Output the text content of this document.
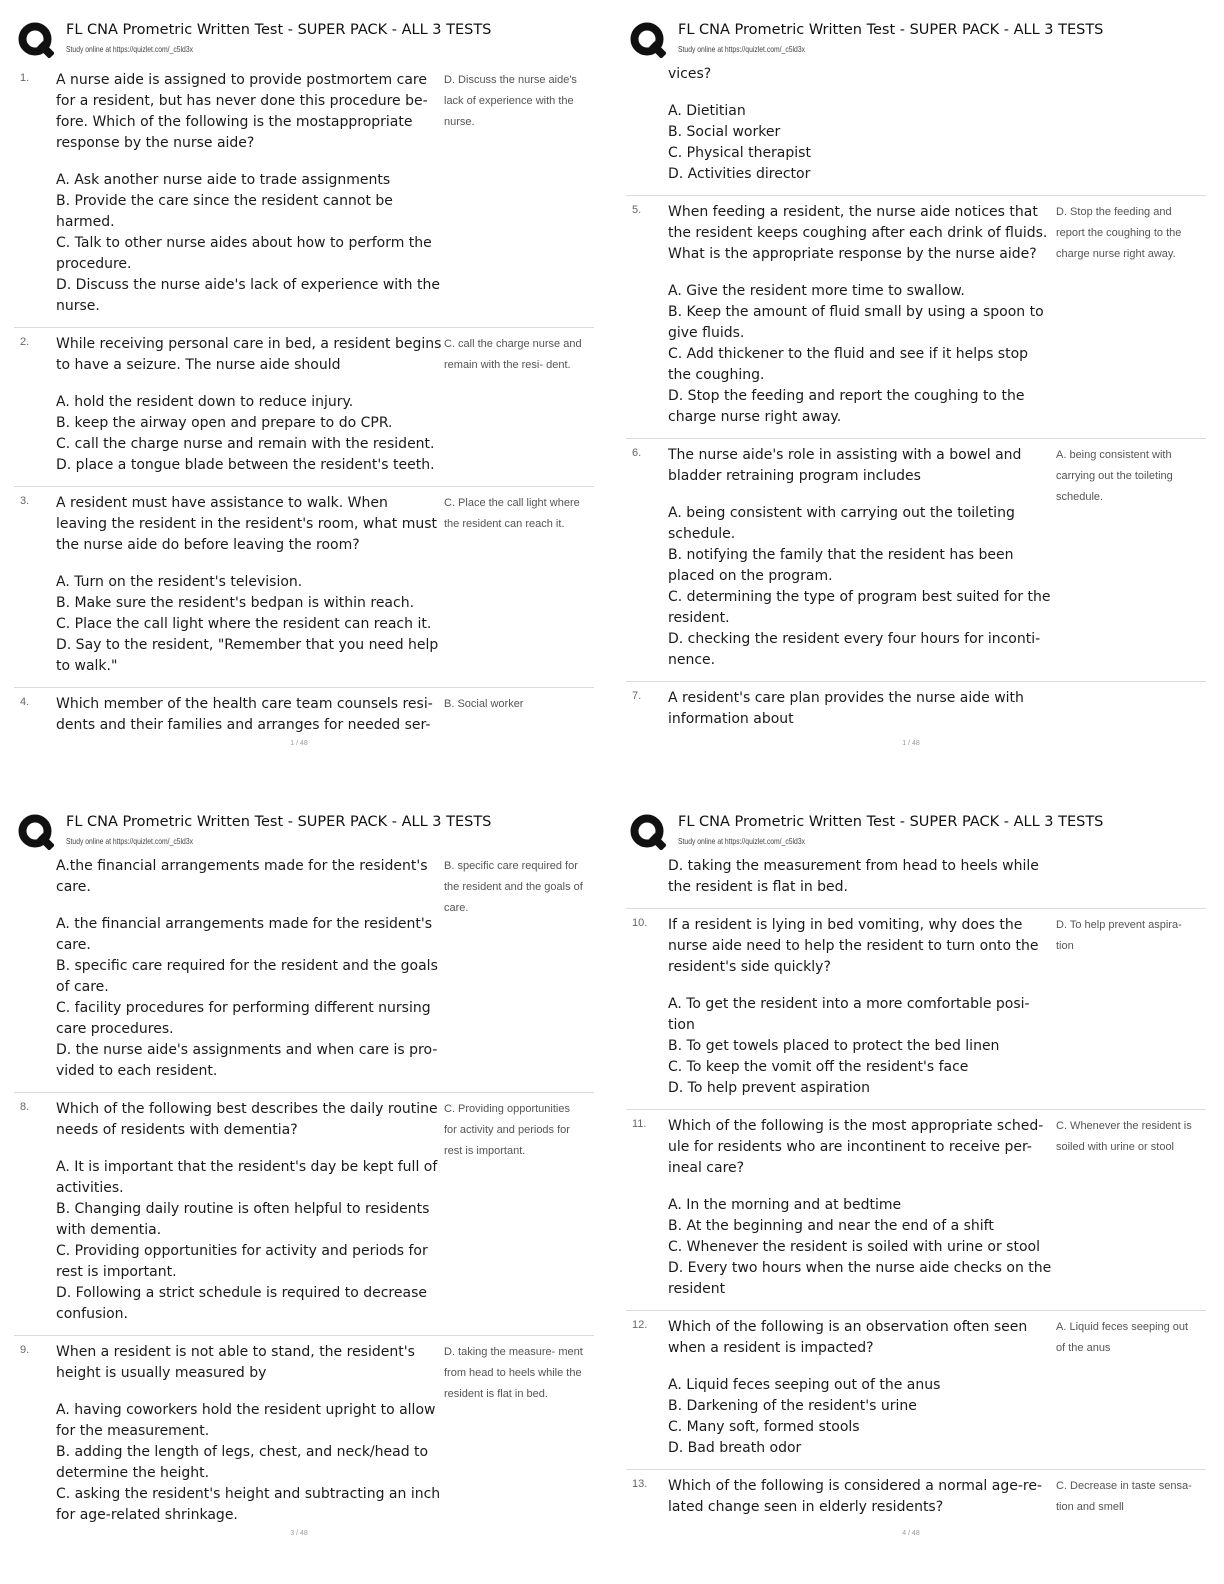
FL CNA Prometric Written Test - SUPER PACK - ALL 3 TESTS
Study online at https://quizlet.com/_c5ld3x
1. A nurse aide is assigned to provide postmortem care for a resident, but has never done this procedure be- fore. Which of the following is the mostappropriate response by the nurse aide?
A. Ask another nurse aide to trade assignments
B. Provide the care since the resident cannot be harmed.
C. Talk to other nurse aides about how to perform the procedure.
D. Discuss the nurse aide's lack of experience with the nurse.
D. Discuss the nurse aide's lack of experience with the nurse.
2. While receiving personal care in bed, a resident begins to have a seizure. The nurse aide should
A. hold the resident down to reduce injury.
B. keep the airway open and prepare to do CPR.
C. call the charge nurse and remain with the resident.
D. place a tongue blade between the resident's teeth.
C. call the charge nurse and remain with the resi- dent.
3. A resident must have assistance to walk. When leaving the resident in the resident's room, what must the nurse aide do before leaving the room?
A. Turn on the resident's television.
B. Make sure the resident's bedpan is within reach.
C. Place the call light where the resident can reach it.
D. Say to the resident, "Remember that you need help to walk."
C. Place the call light where the resident can reach it.
4. Which member of the health care team counsels resi- dents and their families and arranges for needed ser-
B. Social worker
1 / 48
FL CNA Prometric Written Test - SUPER PACK - ALL 3 TESTS
Study online at https://quizlet.com/_c5ld3x
vices?
A. Dietitian
B. Social worker
C. Physical therapist
D. Activities director
5. When feeding a resident, the nurse aide notices that the resident keeps coughing after each drink of fluids. What is the appropriate response by the nurse aide?
A. Give the resident more time to swallow.
B. Keep the amount of fluid small by using a spoon to give fluids.
C. Add thickener to the fluid and see if it helps stop the coughing.
D. Stop the feeding and report the coughing to the charge nurse right away.
D. Stop the feeding and report the coughing to the charge nurse right away.
6. The nurse aide's role in assisting with a bowel and bladder retraining program includes
A. being consistent with carrying out the toileting schedule.
B. notifying the family that the resident has been placed on the program.
C. determining the type of program best suited for the resident.
D. checking the resident every four hours for inconti- nence.
A. being consistent with carrying out the toileting schedule.
7. A resident's care plan provides the nurse aide with information about
1 / 48
FL CNA Prometric Written Test - SUPER PACK - ALL 3 TESTS
Study online at https://quizlet.com/_c5ld3x
A.the financial arrangements made for the resident's care.
A. the financial arrangements made for the resident's care.
B. specific care required for the resident and the goals of care.
C. facility procedures for performing different nursing care procedures.
D. the nurse aide's assignments and when care is pro- vided to each resident.
B. specific care required for the resident and the goals of care.
8. Which of the following best describes the daily routine needs of residents with dementia?
A. It is important that the resident's day be kept full of activities.
B. Changing daily routine is often helpful to residents with dementia.
C. Providing opportunities for activity and periods for rest is important.
D. Following a strict schedule is required to decrease confusion.
C. Providing opportunities for activity and periods for rest is important.
9. When a resident is not able to stand, the resident's height is usually measured by
A. having coworkers hold the resident upright to allow for the measurement.
B. adding the length of legs, chest, and neck/head to determine the height.
C. asking the resident's height and subtracting an inch for age-related shrinkage.
D. taking the measure- ment from head to heels while the resident is flat in bed.
3 / 48
FL CNA Prometric Written Test - SUPER PACK - ALL 3 TESTS
Study online at https://quizlet.com/_c5ld3x
D. taking the measurement from head to heels while the resident is flat in bed.
10. If a resident is lying in bed vomiting, why does the nurse aide need to help the resident to turn onto the resident's side quickly?
A. To get the resident into a more comfortable posi- tion
B. To get towels placed to protect the bed linen
C. To keep the vomit off the resident's face
D. To help prevent aspiration
D. To help prevent aspira- tion
11. Which of the following is the most appropriate sched- ule for residents who are incontinent to receive per- ineal care?
A. In the morning and at bedtime
B. At the beginning and near the end of a shift
C. Whenever the resident is soiled with urine or stool
D. Every two hours when the nurse aide checks on the resident
C. Whenever the resident is soiled with urine or stool
12. Which of the following is an observation often seen when a resident is impacted?
A. Liquid feces seeping out of the anus
B. Darkening of the resident's urine
C. Many soft, formed stools
D. Bad breath odor
A. Liquid feces seeping out of the anus
13. Which of the following is considered a normal age-re- lated change seen in elderly residents?
C. Decrease in taste sensa- tion and smell
4 / 48
